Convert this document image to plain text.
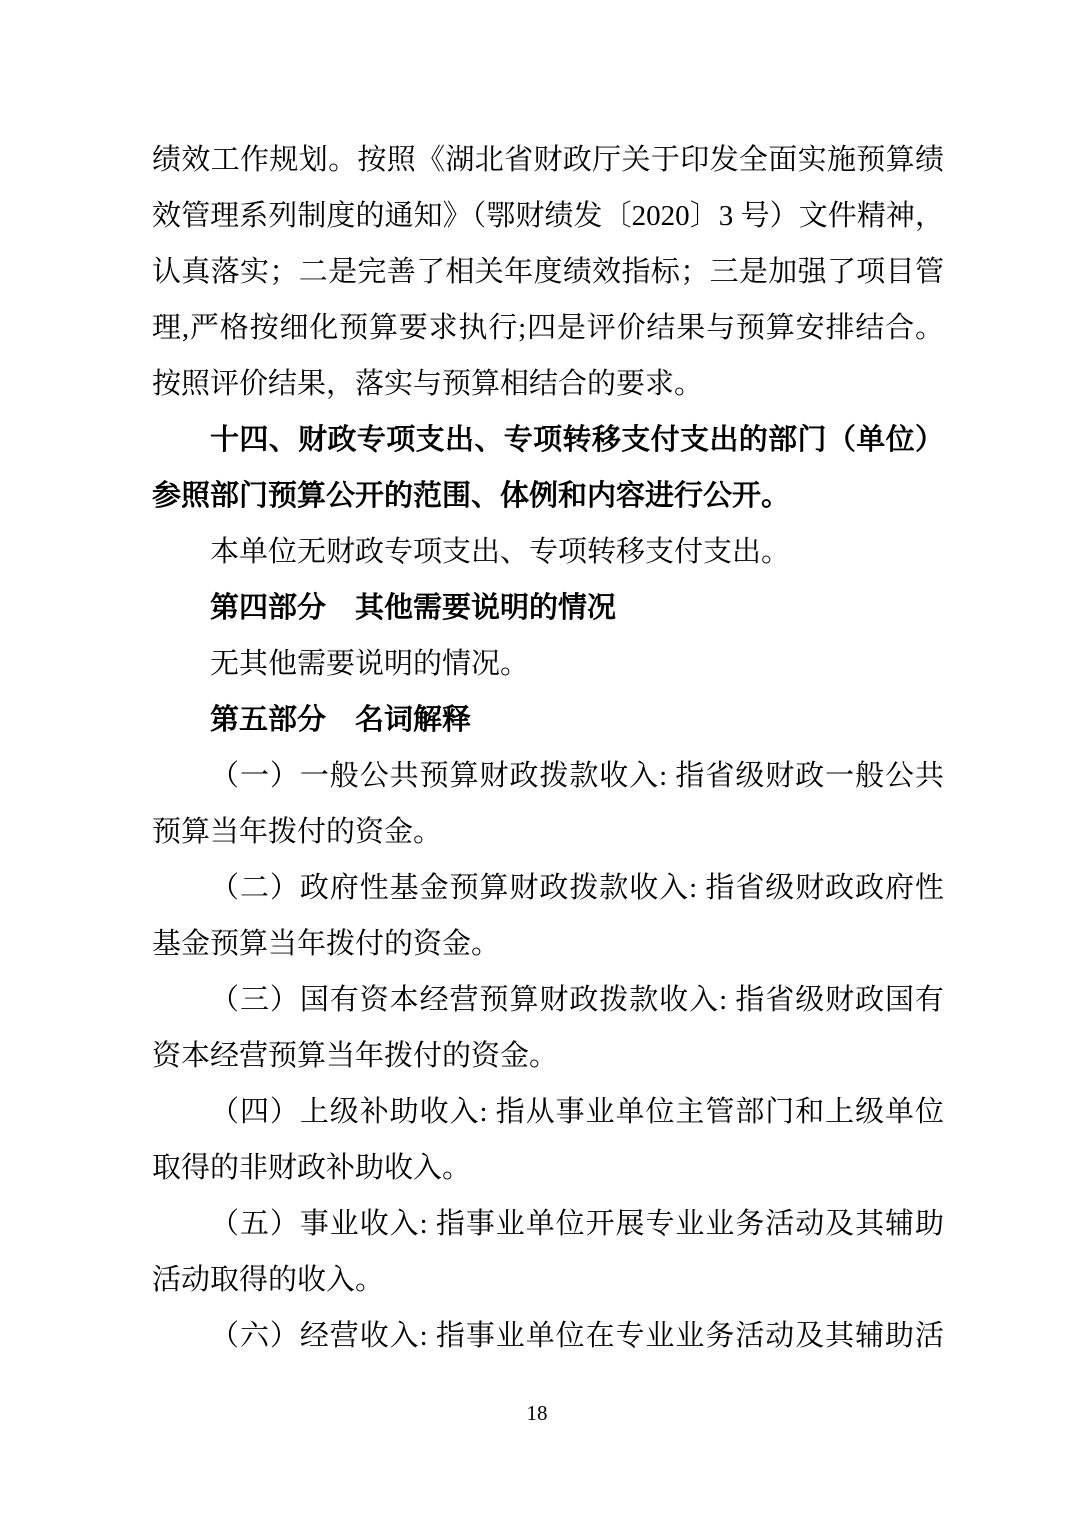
绩效工作规划。按照《湖北省财政厅关于印发全面实施预算绩效管理系列制度的通知》（鄂财绩发〔2020〕3 号）文件精神，认真落实；二是完善了相关年度绩效指标；三是加强了项目管理,严格按细化预算要求执行;四是评价结果与预算安排结合。按照评价结果，落实与预算相结合的要求。

十四、财政专项支出、专项转移支付支出的部门（单位）参照部门预算公开的范围、体例和内容进行公开。

本单位无财政专项支出、专项转移支付支出。

第四部分　其他需要说明的情况

无其他需要说明的情况。

第五部分　名词解释

（一）一般公共预算财政拨款收入: 指省级财政一般公共预算当年拨付的资金。

（二）政府性基金预算财政拨款收入: 指省级财政政府性基金预算当年拨付的资金。

（三）国有资本经营预算财政拨款收入: 指省级财政国有资本经营预算当年拨付的资金。

（四）上级补助收入: 指从事业单位主管部门和上级单位取得的非财政补助收入。

（五）事业收入: 指事业单位开展专业业务活动及其辅助活动取得的收入。

（六）经营收入: 指事业单位在专业业务活动及其辅助活

18
